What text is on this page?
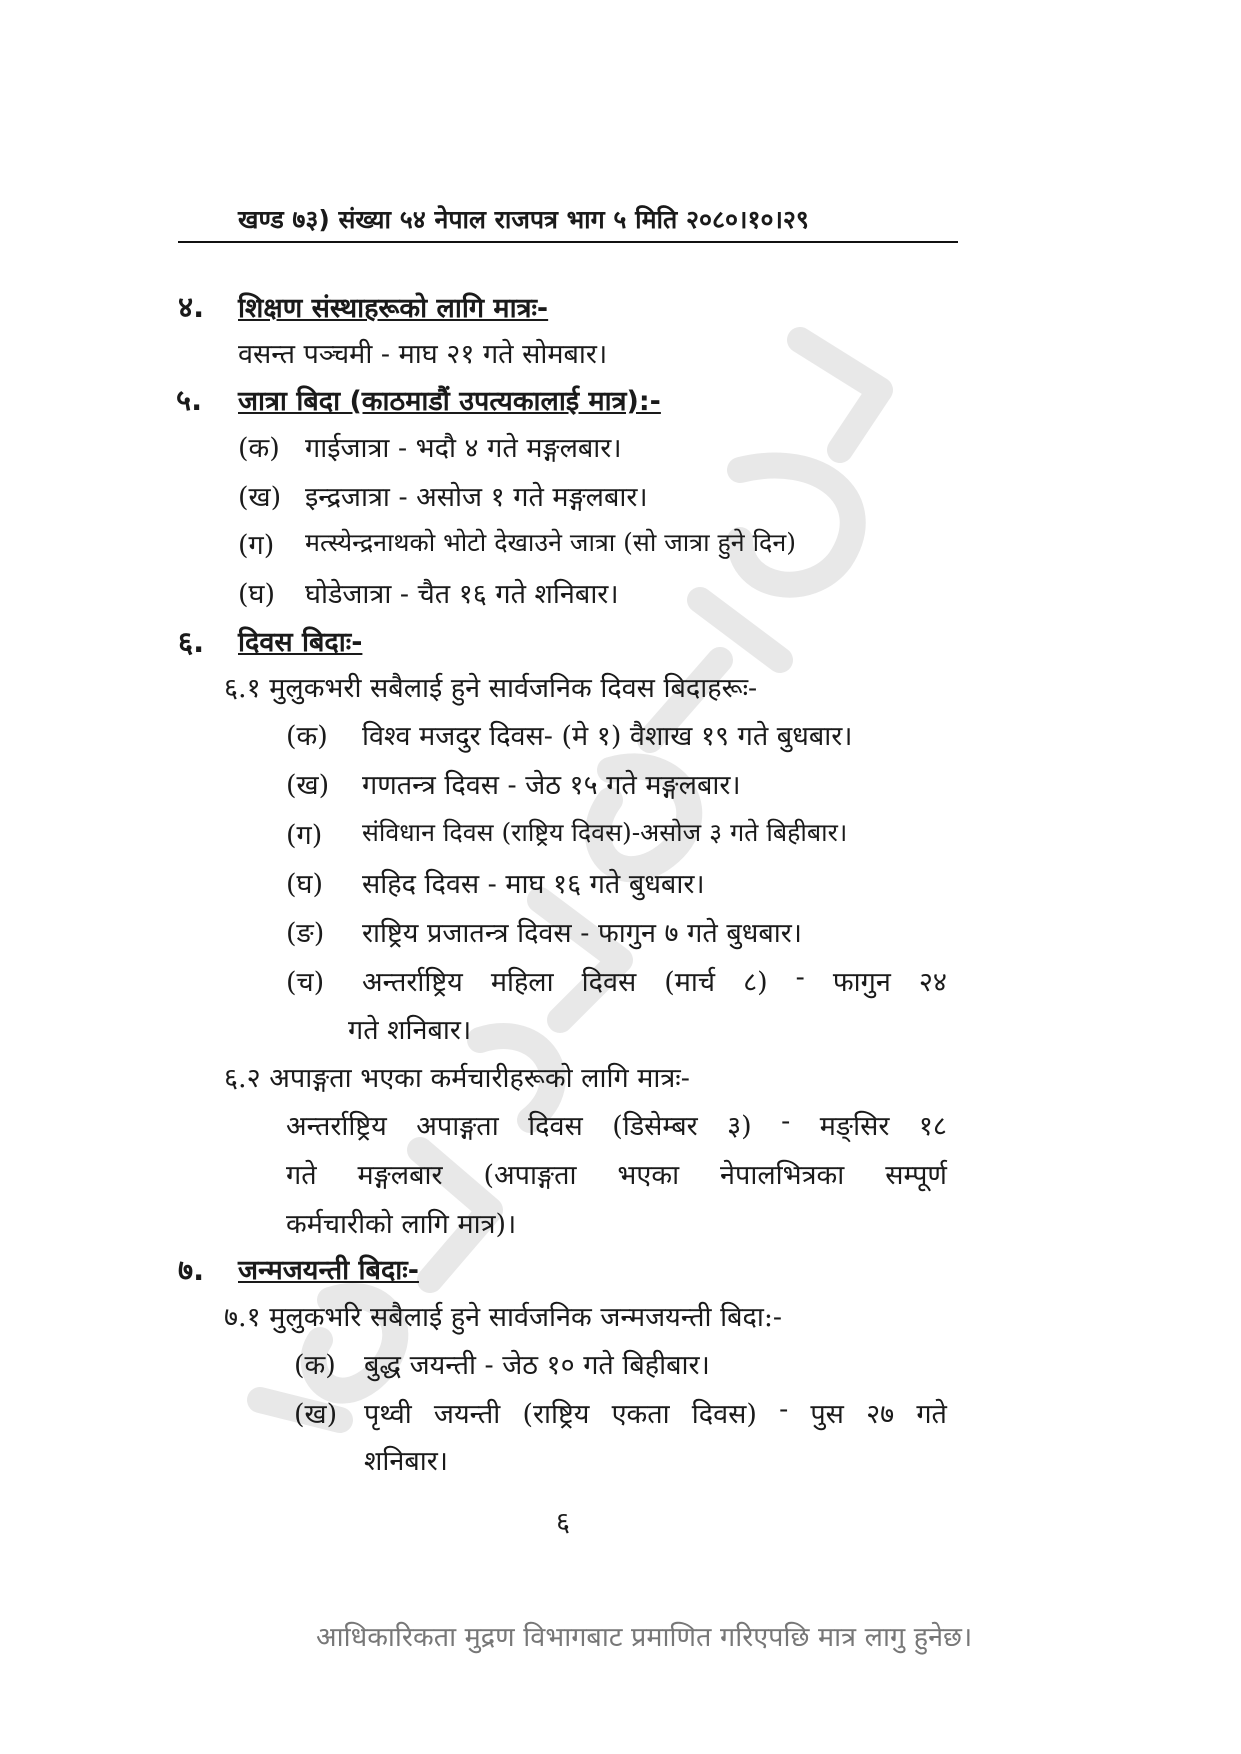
खण्ड ७३) संख्या ५४ नेपाल राजपत्र भाग ५ मिति २०८०।१०।२९
४. शिक्षण संस्थाहरूको लागि मात्रः-
वसन्त पञ्चमी - माघ २१ गते सोमबार।
५. जात्रा बिदा (काठमाडौं उपत्यकालाई मात्र):-
(क) गाईजात्रा - भदौ ४ गते मङ्गलबार।
(ख) इन्द्रजात्रा - असोज १ गते मङ्गलबार।
(ग) मत्स्येन्द्रनाथको भोटो देखाउने जात्रा (सो जात्रा हुने दिन)
(घ) घोडेजात्रा - चैत १६ गते शनिबार।
६. दिवस बिदाः-
६.१ मुलुकभरी सबैलाई हुने सार्वजनिक दिवस बिदाहरूः-
(क) विश्व मजदुर दिवस- (मे १) वैशाख १९ गते बुधबार।
(ख) गणतन्त्र दिवस - जेठ १५ गते मङ्गलबार।
(ग) संविधान दिवस (राष्ट्रिय दिवस)-असोज ३ गते बिहीबार।
(घ) सहिद दिवस - माघ १६ गते बुधबार।
(ङ) राष्ट्रिय प्रजातन्त्र दिवस - फागुन ७ गते बुधबार।
(च) अन्तर्राष्ट्रिय महिला दिवस (मार्च ८) - फागुन २४
गते शनिबार।
६.२ अपाङ्गता भएका कर्मचारीहरूको लागि मात्रः-
अन्तर्राष्ट्रिय अपाङ्गता दिवस (डिसेम्बर ३) - मङ्सिर १८
गते मङ्गलबार (अपाङ्गता भएका नेपालभित्रका सम्पूर्ण
कर्मचारीको लागि मात्र)।
७. जन्मजयन्ती बिदाः-
७.१ मुलुकभरि सबैलाई हुने सार्वजनिक जन्मजयन्ती बिदा:-
(क) बुद्ध जयन्ती - जेठ १० गते बिहीबार।
(ख) पृथ्वी जयन्ती (राष्ट्रिय एकता दिवस) - पुस २७ गते
शनिबार।
६
आधिकारिकता मुद्रण विभागबाट प्रमाणित गरिएपछि मात्र लागु हुनेछ।
